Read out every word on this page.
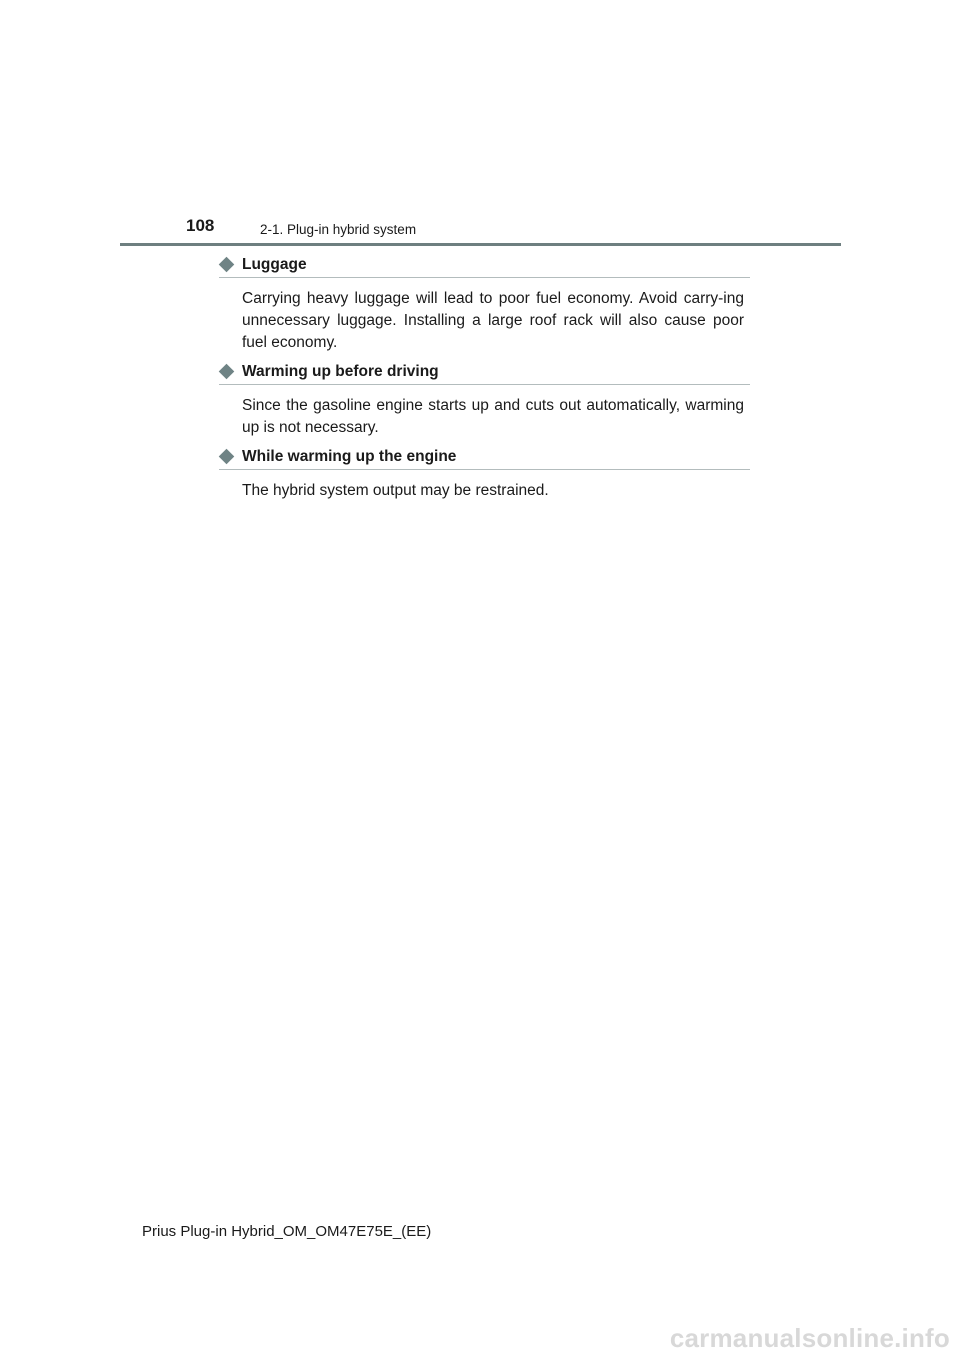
108	2-1. Plug-in hybrid system
Luggage

Carrying heavy luggage will lead to poor fuel economy. Avoid carry-ing unnecessary luggage. Installing a large roof rack will also cause poor fuel economy.

Warming up before driving

Since the gasoline engine starts up and cuts out automatically, warming up is not necessary.

While warming up the engine

The hybrid system output may be restrained.

Prius Plug-in Hybrid_OM_OM47E75E_(EE)
carmanualsonline.info
